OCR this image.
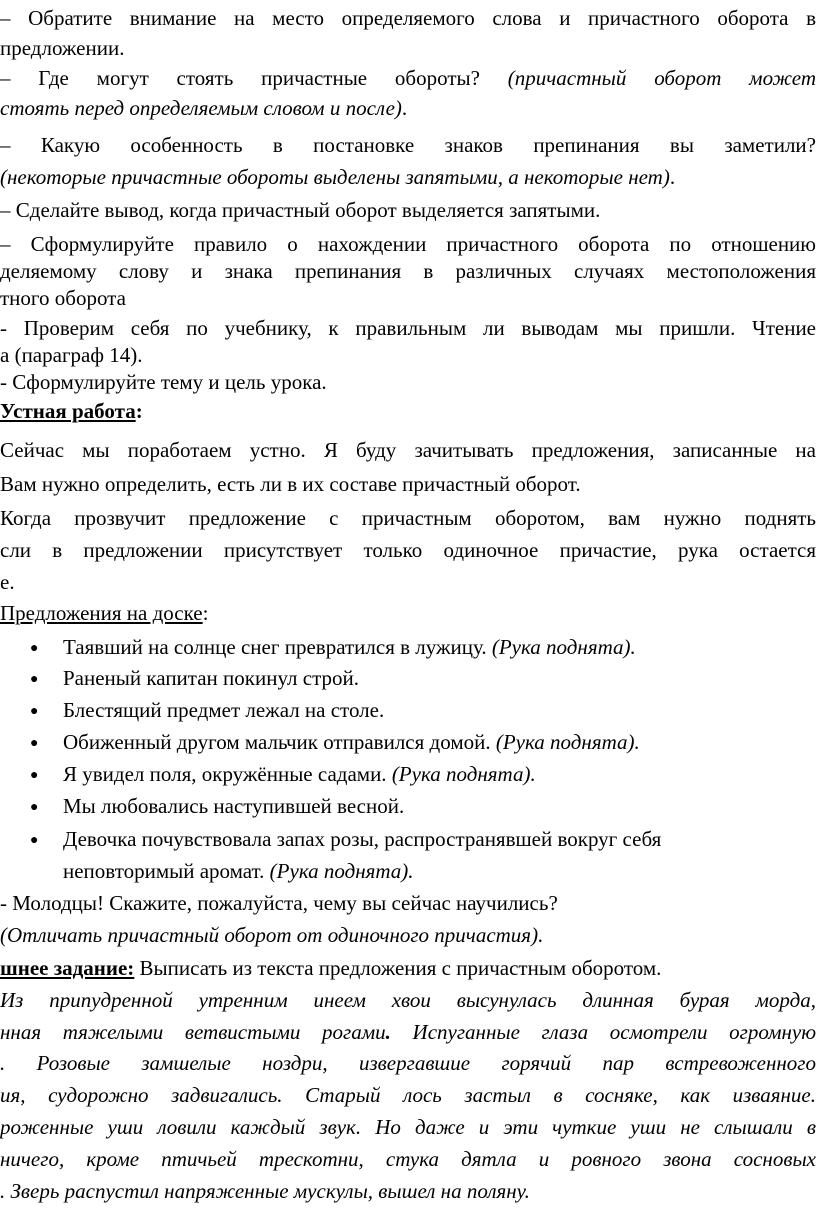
– Обратите внимание на место определяемого слова и причастного оборота в
предложении.
– Где могут стоять причастные обороты? (причастный оборот может
стоять перед определяемым словом и после).
– Какую особенность в постановке знаков препинания вы заметили?
(некоторые причастные обороты выделены запятыми, а некоторые нет).
– Сделайте вывод, когда причастный оборот выделяется запятыми.
– Сформулируйте правило о нахождении причастного оборота по отношению
деляемому слову и знака препинания в различных случаях местоположения
тного оборота
- Проверим себя по учебнику, к правильным ли выводам мы пришли. Чтение
а (параграф 14).
- Сформулируйте тему и цель урока.
Устная работа:
Сейчас мы поработаем устно. Я буду зачитывать предложения, записанные на
Вам нужно определить, есть ли в их составе причастный оборот.
Когда прозвучит предложение с причастным оборотом, вам нужно поднять
сли в предложении присутствует только одиночное причастие, рука остается
е.
Предложения на доске:
● Таявший на солнце снег превратился в лужицу. (Рука поднята).
● Раненый капитан покинул строй.
● Блестящий предмет лежал на столе.
● Обиженный другом мальчик отправился домой. (Рука поднята).
● Я увидел поля, окружённые садами. (Рука поднята).
● Мы любовались наступившей весной.
● Девочка почувствовала запах розы, распространявшей вокруг себя
неповторимый аромат. (Рука поднята).
- Молодцы! Скажите, пожалуйста, чему вы сейчас научились?
(Отличать причастный оборот от одиночного причастия).
шнее задание: Выписать из текста предложения с причастным оборотом.
Из припудренной утренним инеем хвои высунулась длинная бурая морда,
нная тяжелыми ветвистыми рогами. Испуганные глаза осмотрели огромную
. Розовые замшелые ноздри, извергавшие горячий пар встревоженного
ия, судорожно задвигались. Старый лось застыл в сосняке, как изваяние.
роженные уши ловили каждый звук. Но даже и эти чуткие уши не слышали в
ничего, кроме птичьей трескотни, стука дятла и ровного звона сосновых
. Зверь распустил напряженные мускулы, вышел на поляну.
